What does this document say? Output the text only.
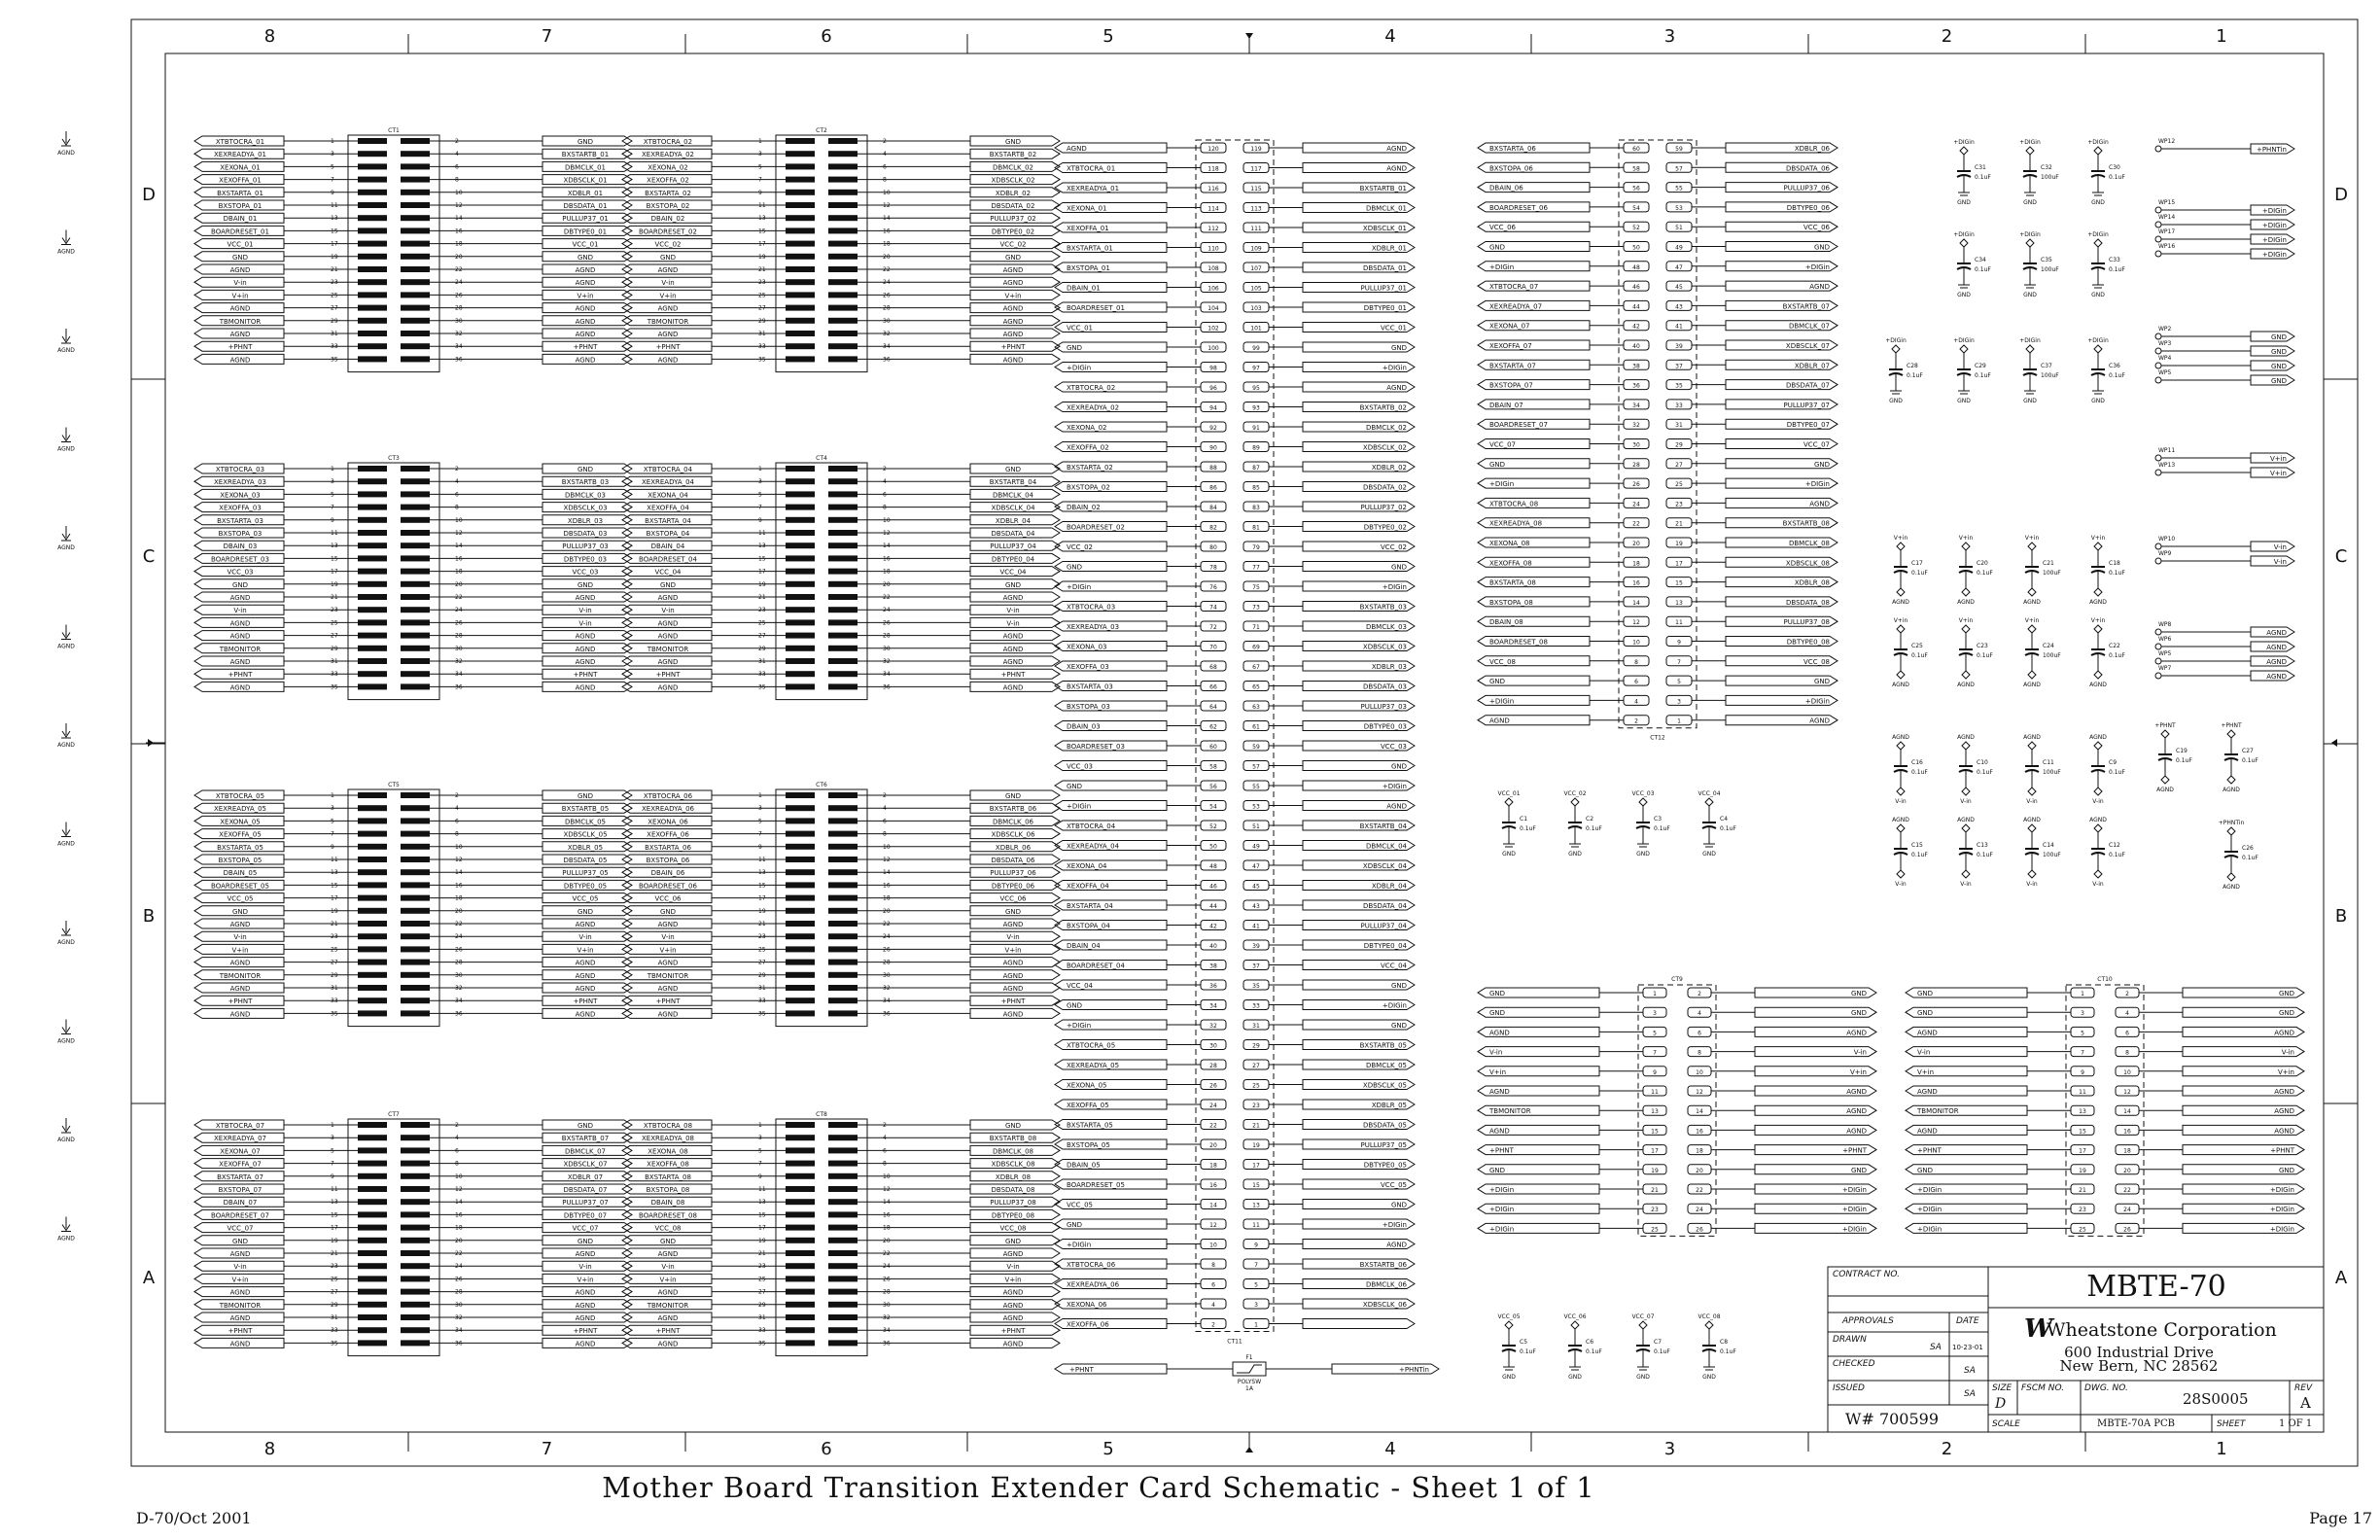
8
8
7
7
6
6
5
5
4
4
3
3
2
2
1
1
D	D
C	C
B	B
A	A
AGND
AGND
AGND
AGND
AGND
AGND
AGND
AGND
AGND
AGND
AGND
AGND
CT1
XTBTOCRA_01	1	2	GND
XEXREADYA_01	3	4	BXSTARTB_01
XEXONA_01	5	6	DBMCLK_01
XEXOFFA_01	7	8	XDBSCLK_01
BXSTARTA_01	9	10	XDBLR_01
BXSTOPA_01	11	12	DBSDATA_01
DBAIN_01	13	14	PULLUP37_01
BOARDRESET_01	15	16	DBTYPE0_01
VCC_01	17	18	VCC_01
GND	19	20	GND
AGND	21	22	AGND
V-in	23	24	AGND
V+in	25	26	V+in
AGND	27	28	AGND
TBMONITOR	29	30	AGND
AGND	31	32	AGND
+PHNT	33	34	+PHNT
AGND	35	36	AGND
CT2
XTBTOCRA_02	1	2	GND
XEXREADYA_02	3	4	BXSTARTB_02
XEXONA_02	5	6	DBMCLK_02
XEXOFFA_02	7	8	XDBSCLK_02
BXSTARTA_02	9	10	XDBLR_02
BXSTOPA_02	11	12	DBSDATA_02
DBAIN_02	13	14	PULLUP37_02
BOARDRESET_02	15	16	DBTYPE0_02
VCC_02	17	18	VCC_02
GND	19	20	GND
AGND	21	22	AGND
V-in	23	24	AGND
V+in	25	26	V+in
AGND	27	28	AGND
TBMONITOR	29	30	AGND
AGND	31	32	AGND
+PHNT	33	34	+PHNT
AGND	35	36	AGND
CT3
XTBTOCRA_03	1	2	GND
XEXREADYA_03	3	4	BXSTARTB_03
XEXONA_03	5	6	DBMCLK_03
XEXOFFA_03	7	8	XDBSCLK_03
BXSTARTA_03	9	10	XDBLR_03
BXSTOPA_03	11	12	DBSDATA_03
DBAIN_03	13	14	PULLUP37_03
BOARDRESET_03	15	16	DBTYPE0_03
VCC_03	17	18	VCC_03
GND	19	20	GND
AGND	21	22	AGND
V-in	23	24	V-in
AGND	25	26	V-in
AGND	27	28	AGND
TBMONITOR	29	30	AGND
AGND	31	32	AGND
+PHNT	33	34	+PHNT
AGND	35	36	AGND
CT4
XTBTOCRA_04	1	2	GND
XEXREADYA_04	3	4	BXSTARTB_04
XEXONA_04	5	6	DBMCLK_04
XEXOFFA_04	7	8	XDBSCLK_04
BXSTARTA_04	9	10	XDBLR_04
BXSTOPA_04	11	12	DBSDATA_04
DBAIN_04	13	14	PULLUP37_04
BOARDRESET_04	15	16	DBTYPE0_04
VCC_04	17	18	VCC_04
GND	19	20	GND
AGND	21	22	AGND
V-in	23	24	V-in
AGND	25	26	V-in
AGND	27	28	AGND
TBMONITOR	29	30	AGND
AGND	31	32	AGND
+PHNT	33	34	+PHNT
AGND	35	36	AGND
CT5
XTBTOCRA_05	1	2	GND
XEXREADYA_05	3	4	BXSTARTB_05
XEXONA_05	5	6	DBMCLK_05
XEXOFFA_05	7	8	XDBSCLK_05
BXSTARTA_05	9	10	XDBLR_05
BXSTOPA_05	11	12	DBSDATA_05
DBAIN_05	13	14	PULLUP37_05
BOARDRESET_05	15	16	DBTYPE0_05
VCC_05	17	18	VCC_05
GND	19	20	GND
AGND	21	22	AGND
V-in	23	24	V-in
V+in	25	26	V+in
AGND	27	28	AGND
TBMONITOR	29	30	AGND
AGND	31	32	AGND
+PHNT	33	34	+PHNT
AGND	35	36	AGND
CT6
XTBTOCRA_06	1	2	GND
XEXREADYA_06	3	4	BXSTARTB_06
XEXONA_06	5	6	DBMCLK_06
XEXOFFA_06	7	8	XDBSCLK_06
BXSTARTA_06	9	10	XDBLR_06
BXSTOPA_06	11	12	DBSDATA_06
DBAIN_06	13	14	PULLUP37_06
BOARDRESET_06	15	16	DBTYPE0_06
VCC_06	17	18	VCC_06
GND	19	20	GND
AGND	21	22	AGND
V-in	23	24	V-in
V+in	25	26	V+in
AGND	27	28	AGND
TBMONITOR	29	30	AGND
AGND	31	32	AGND
+PHNT	33	34	+PHNT
AGND	35	36	AGND
CT7
XTBTOCRA_07	1	2	GND
XEXREADYA_07	3	4	BXSTARTB_07
XEXONA_07	5	6	DBMCLK_07
XEXOFFA_07	7	8	XDBSCLK_07
BXSTARTA_07	9	10	XDBLR_07
BXSTOPA_07	11	12	DBSDATA_07
DBAIN_07	13	14	PULLUP37_07
BOARDRESET_07	15	16	DBTYPE0_07
VCC_07	17	18	VCC_07
GND	19	20	GND
AGND	21	22	AGND
V-in	23	24	V-in
V+in	25	26	V+in
AGND	27	28	AGND
TBMONITOR	29	30	AGND
AGND	31	32	AGND
+PHNT	33	34	+PHNT
AGND	35	36	AGND
CT8
XTBTOCRA_08	1	2	GND
XEXREADYA_08	3	4	BXSTARTB_08
XEXONA_08	5	6	DBMCLK_08
XEXOFFA_08	7	8	XDBSCLK_08
BXSTARTA_08	9	10	XDBLR_08
BXSTOPA_08	11	12	DBSDATA_08
DBAIN_08	13	14	PULLUP37_08
BOARDRESET_08	15	16	DBTYPE0_08
VCC_08	17	18	VCC_08
GND	19	20	GND
AGND	21	22	AGND
V-in	23	24	V-in
V+in	25	26	V+in
AGND	27	28	AGND
TBMONITOR	29	30	AGND
AGND	31	32	AGND
+PHNT	33	34	+PHNT
AGND	35	36	AGND	CT11
AGND	120	119	AGND
XTBTOCRA_01	118	117	AGND
XEXREADYA_01	116	115	BXSTARTB_01
XEXONA_01	114	113	DBMCLK_01
XEXOFFA_01	112	111	XDBSCLK_01
BXSTARTA_01	110	109	XDBLR_01
BXSTOPA_01	108	107	DBSDATA_01
DBAIN_01	106	105	PULLUP37_01
BOARDRESET_01	104	103	DBTYPE0_01
VCC_01	102	101	VCC_01
GND	100	99	GND
+DIGin	98	97	+DIGin
XTBTOCRA_02	96	95	AGND
XEXREADYA_02	94	93	BXSTARTB_02
XEXONA_02	92	91	DBMCLK_02
XEXOFFA_02	90	89	XDBSCLK_02
BXSTARTA_02	88	87	XDBLR_02
BXSTOPA_02	86	85	DBSDATA_02
DBAIN_02	84	83	PULLUP37_02
BOARDRESET_02	82	81	DBTYPE0_02
VCC_02	80	79	VCC_02
GND	78	77	GND
+DIGin	76	75	+DIGin
XTBTOCRA_03	74	73	BXSTARTB_03
XEXREADYA_03	72	71	DBMCLK_03
XEXONA_03	70	69	XDBSCLK_03
XEXOFFA_03	68	67	XDBLR_03
BXSTARTA_03	66	65	DBSDATA_03
BXSTOPA_03	64	63	PULLUP37_03
DBAIN_03	62	61	DBTYPE0_03
BOARDRESET_03	60	59	VCC_03
VCC_03	58	57	GND
GND	56	55	+DIGin
+DIGin	54	53	AGND
XTBTOCRA_04	52	51	BXSTARTB_04
XEXREADYA_04	50	49	DBMCLK_04
XEXONA_04	48	47	XDBSCLK_04
XEXOFFA_04	46	45	XDBLR_04
BXSTARTA_04	44	43	DBSDATA_04
BXSTOPA_04	42	41	PULLUP37_04
DBAIN_04	40	39	DBTYPE0_04
BOARDRESET_04	38	37	VCC_04
VCC_04	36	35	GND
GND	34	33	+DIGin
+DIGin	32	31	GND
XTBTOCRA_05	30	29	BXSTARTB_05
XEXREADYA_05	28	27	DBMCLK_05
XEXONA_05	26	25	XDBSCLK_05
XEXOFFA_05	24	23	XDBLR_05
BXSTARTA_05	22	21	DBSDATA_05
BXSTOPA_05	20	19	PULLUP37_05
DBAIN_05	18	17	DBTYPE0_05
BOARDRESET_05	16	15	VCC_05
VCC_05	14	13	GND
GND	12	11	+DIGin
+DIGin	10	9	AGND
XTBTOCRA_06	8	7	BXSTARTB_06
XEXREADYA_06	6	5	DBMCLK_06
XEXONA_06	4	3	XDBSCLK_06
XEXOFFA_06	2	1
CT12
BXSTARTA_06	60	59	XDBLR_06
BXSTOPA_06	58	57	DBSDATA_06
DBAIN_06	56	55	PULLUP37_06
BOARDRESET_06	54	53	DBTYPE0_06
VCC_06	52	51	VCC_06
GND	50	49	GND
+DIGin	48	47	+DIGin
XTBTOCRA_07	46	45	AGND
XEXREADYA_07	44	43	BXSTARTB_07
XEXONA_07	42	41	DBMCLK_07
XEXOFFA_07	40	39	XDBSCLK_07
BXSTARTA_07	38	37	XDBLR_07
BXSTOPA_07	36	35	DBSDATA_07
DBAIN_07	34	33	PULLUP37_07
BOARDRESET_07	32	31	DBTYPE0_07
VCC_07	30	29	VCC_07
GND	28	27	GND
+DIGin	26	25	+DIGin
XTBTOCRA_08	24	23	AGND
XEXREADYA_08	22	21	BXSTARTB_08
XEXONA_08	20	19	DBMCLK_08
XEXOFFA_08	18	17	XDBSCLK_08
BXSTARTA_08	16	15	XDBLR_08
BXSTOPA_08	14	13	DBSDATA_08
DBAIN_08	12	11	PULLUP37_08
BOARDRESET_08	10	9	DBTYPE0_08
VCC_08	8	7	VCC_08
GND	6	5	GND
+DIGin	4	3	+DIGin
AGND	2	1	AGND
CT9
GND	1	2	GND
GND	3	4	GND
AGND	5	6	AGND
V-in	7	8	V-in
V+in	9	10	V+in
AGND	11	12	AGND
TBMONITOR	13	14	AGND
AGND	15	16	AGND
+PHNT	17	18	+PHNT
GND	19	20	GND
+DIGin	21	22	+DIGin
+DIGin	23	24	+DIGin
+DIGin	25	26	+DIGin
CT10
GND	1	2	GND
GND	3	4	GND
AGND	5	6	AGND
V-in	7	8	V-in
V+in	9	10	V+in
AGND	11	12	AGND
TBMONITOR	13	14	AGND
AGND	15	16	AGND
+PHNT	17	18	+PHNT
GND	19	20	GND
+DIGin	21	22	+DIGin
+DIGin	23	24	+DIGin
+DIGin	25	26	+DIGin
+PHNT
F1
POLYSW
1A
+PHNTin
WP12
+PHNTin
WP15
+DIGin
WP14
+DIGin
WP17
+DIGin
WP16
+DIGin
WP2
GND
WP3
GND
WP4
GND
WP5
GND
WP11
V+in
WP13
V+in
WP10
V-in
WP9
V-in
WP8
AGND
WP6
AGND
WP5
AGND
WP7
AGND
+DIGin
C31
0.1uF
GND
+DIGin
C32
100uF
GND
+DIGin
C30
0.1uF
GND
+DIGin
C34
0.1uF
GND
+DIGin
C35
100uF
GND
+DIGin
C33
0.1uF
GND
+DIGin
C28
0.1uF
GND
+DIGin
C29
0.1uF
GND
+DIGin
C37
100uF
GND
+DIGin
C36
0.1uF
GND
V+in
C17
0.1uF
AGND
V+in
C20
0.1uF
AGND
V+in
C21
100uF
AGND
V+in
C18
0.1uF
AGND
V+in
C25
0.1uF
AGND
V+in
C23
0.1uF
AGND
V+in
C24
100uF
AGND
V+in
C22
0.1uF
AGND
AGND
C16
0.1uF
V-in
AGND
C10
0.1uF
V-in
AGND
C11
100uF
V-in
AGND
C9
0.1uF
V-in
AGND
C15
0.1uF
V-in
AGND
C13
0.1uF
V-in
AGND
C14
100uF
V-in
AGND
C12
0.1uF
V-in
+PHNT
C19
0.1uF
AGND
+PHNT
C27
0.1uF
AGND
+PHNTin
C26
0.1uF
AGND
VCC_01
C1
0.1uF
GND
VCC_02
C2
0.1uF
GND
VCC_03
C3
0.1uF
GND
VCC_04
C4
0.1uF
GND
VCC_05
C5
0.1uF
GND
VCC_06
C6
0.1uF
GND
VCC_07
C7
0.1uF
GND
VCC_08
C8
0.1uF
GND
CONTRACT NO.
APPROVALS	DATE
DRAWN
SA 10-23-01
CHECKED
SA
ISSUED
SA
W# 700599
MBTE-70
W
Wheatstone Corporation
600 Industrial Drive
New Bern, NC 28562
SIZE
D
FSCM NO. DWG. NO.
28S0005
REV
A
SCALE	MBTE-70A PCB	SHEET	1 OF 1
Mother Board Transition Extender Card Schematic - Sheet 1 of 1
D-70/Oct 2001	Page 17
